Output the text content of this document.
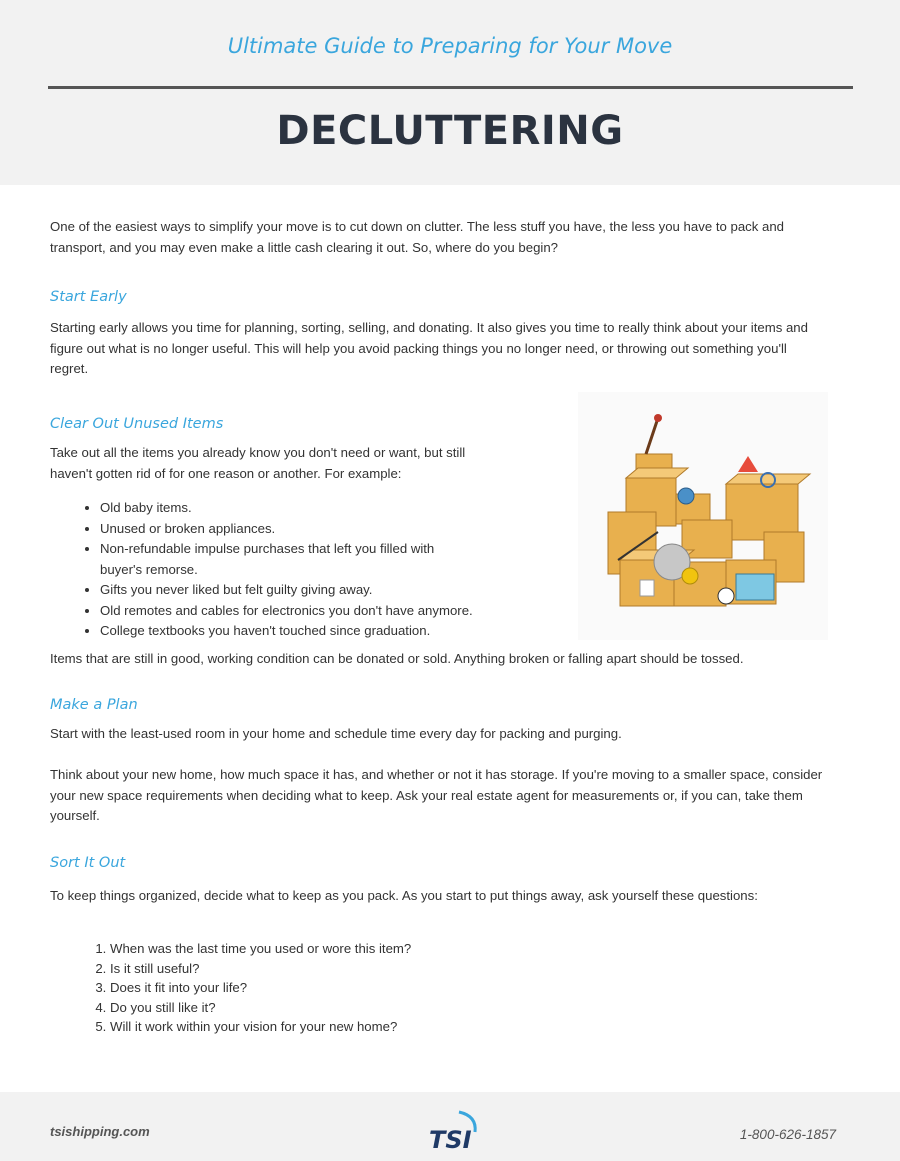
Ultimate Guide to Preparing for Your Move
DECLUTTERING

One of the easiest ways to simplify your move is to cut down on clutter. The less stuff you have, the less you have to pack and transport, and you may even make a little cash clearing it out. So, where do you begin?

Start Early

Starting early allows you time for planning, sorting, selling, and donating. It also gives you time to really think about your items and figure out what is no longer useful. This will help you avoid packing things you no longer need, or throwing out something you'll regret.

Clear Out Unused Items

Take out all the items you already know you don't need or want, but still haven't gotten rid of for one reason or another. For example:

• Old baby items.
• Unused or broken appliances.
• Non-refundable impulse purchases that left you filled with buyer's remorse.
• Gifts you never liked but felt guilty giving away.
• Old remotes and cables for electronics you don't have anymore.
• College textbooks you haven't touched since graduation.

Items that are still in good, working condition can be donated or sold. Anything broken or falling apart should be tossed.

Make a Plan

Start with the least-used room in your home and schedule time every day for packing and purging.

Think about your new home, how much space it has, and whether or not it has storage. If you're moving to a smaller space, consider your new space requirements when deciding what to keep. Ask your real estate agent for measurements or, if you can, take them yourself.

Sort It Out

To keep things organized, decide what to keep as you pack. As you start to put things away, ask yourself these questions:

1. When was the last time you used or wore this item?
2. Is it still useful?
3. Does it fit into your life?
4. Do you still like it?
5. Will it work within your vision for your new home?
tsishipping.com	TSI	1-800-626-1857
